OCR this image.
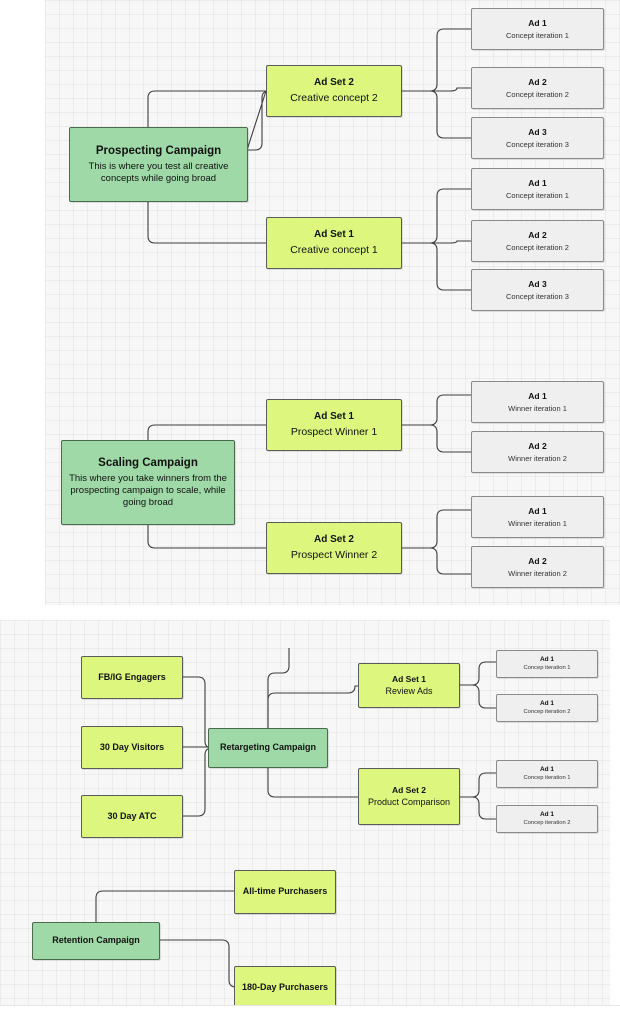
Prospecting Campaign
This is where you test all creative concepts while going broad
Ad Set 2
Creative concept 2
Ad Set 1
Creative concept 1
Ad 1
Concept iteration 1
Ad 2
Concept iteration 2
Ad 3
Concept iteration 3
Ad 1
Concept iteration 1
Ad 2
Concept iteration 2
Ad 3
Concept iteration 3
Scaling Campaign
This where you take winners from the prospecting campaign to scale, while going broad
Ad Set 1
Prospect Winner 1
Ad Set 2
Prospect Winner 2
Ad 1
Winner iteration 1
Ad 2
Winner iteration 2
Ad 1
Winner iteration 1
Ad 2
Winner iteration 2
FB/IG Engagers
30 Day Visitors
30 Day ATC
Retargeting Campaign
Ad Set 1
Review Ads
Ad Set 2
Product Comparison
Ad 1
Concep iteration 1
Ad 1
Concep iteration 2
Ad 1
Concep iteration 1
Ad 1
Concep iteration 2
Retention Campaign
All-time Purchasers
180-Day Purchasers
